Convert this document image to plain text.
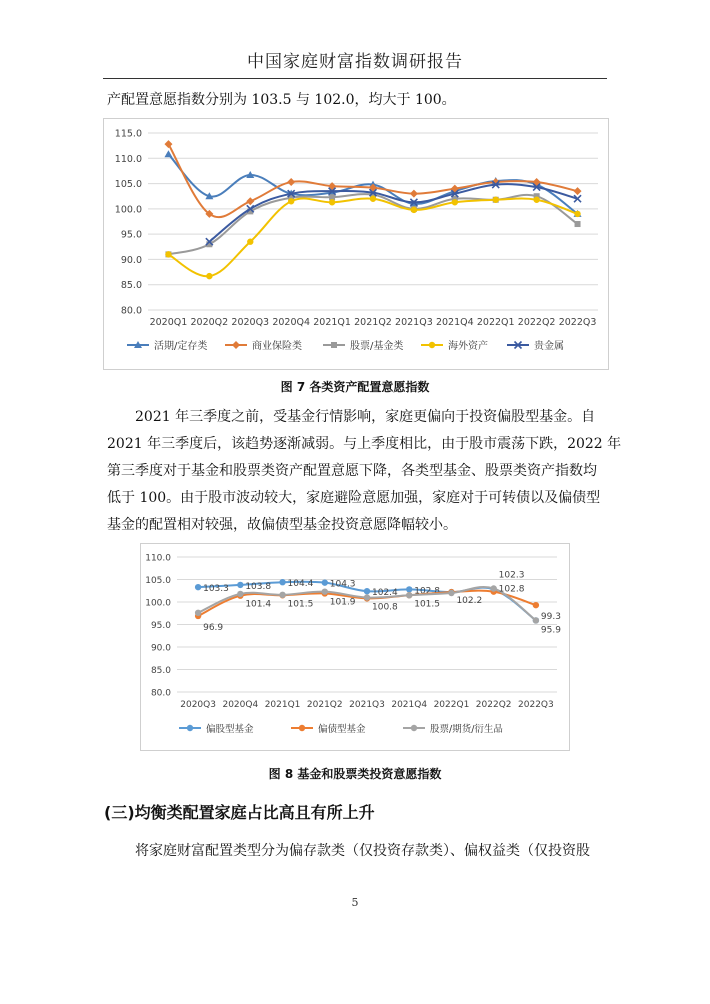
中国家庭财富指数调研报告
产配置意愿指数分别为 103.5 与 102.0，均大于 100。
80.0
85.0
90.0
95.0
100.0
105.0
110.0
115.0
2020Q1 2020Q2 2020Q3 2020Q4 2021Q1 2021Q2 2021Q3 2021Q4 2022Q1 2022Q2 2022Q3
活期/定存类	商业保险类	股票/基金类	海外资产	贵金属
图 7 各类资产配置意愿指数
2021 年三季度之前，受基金行情影响，家庭更偏向于投资偏股型基金。自
2021 年三季度后，该趋势逐渐减弱。与上季度相比，由于股市震荡下跌，2022 年
第三季度对于基金和股票类资产配置意愿下降，各类型基金、股票类资产指数均
低于 100。由于股市波动较大，家庭避险意愿加强，家庭对于可转债以及偏债型
基金的配置相对较强，故偏债型基金投资意愿降幅较小。
80.0
85.0
90.0
95.0
100.0
105.0
110.0
2020Q3 2020Q4 2021Q1 2021Q2 2021Q3 2021Q4 2022Q1 2022Q2 2022Q3
103.3 103.8 104.4 104.3
102.4 102.8
96.9
101.4 101.5 101.9 100.8 101.5 102.2
102.3
99.3
102.8
95.9
偏股型基金	偏债型基金	股票/期货/衍生品
图 8 基金和股票类投资意愿指数
(三)均衡类配置家庭占比高且有所上升
将家庭财富配置类型分为偏存款类（仅投资存款类）、偏权益类（仅投资股
5
